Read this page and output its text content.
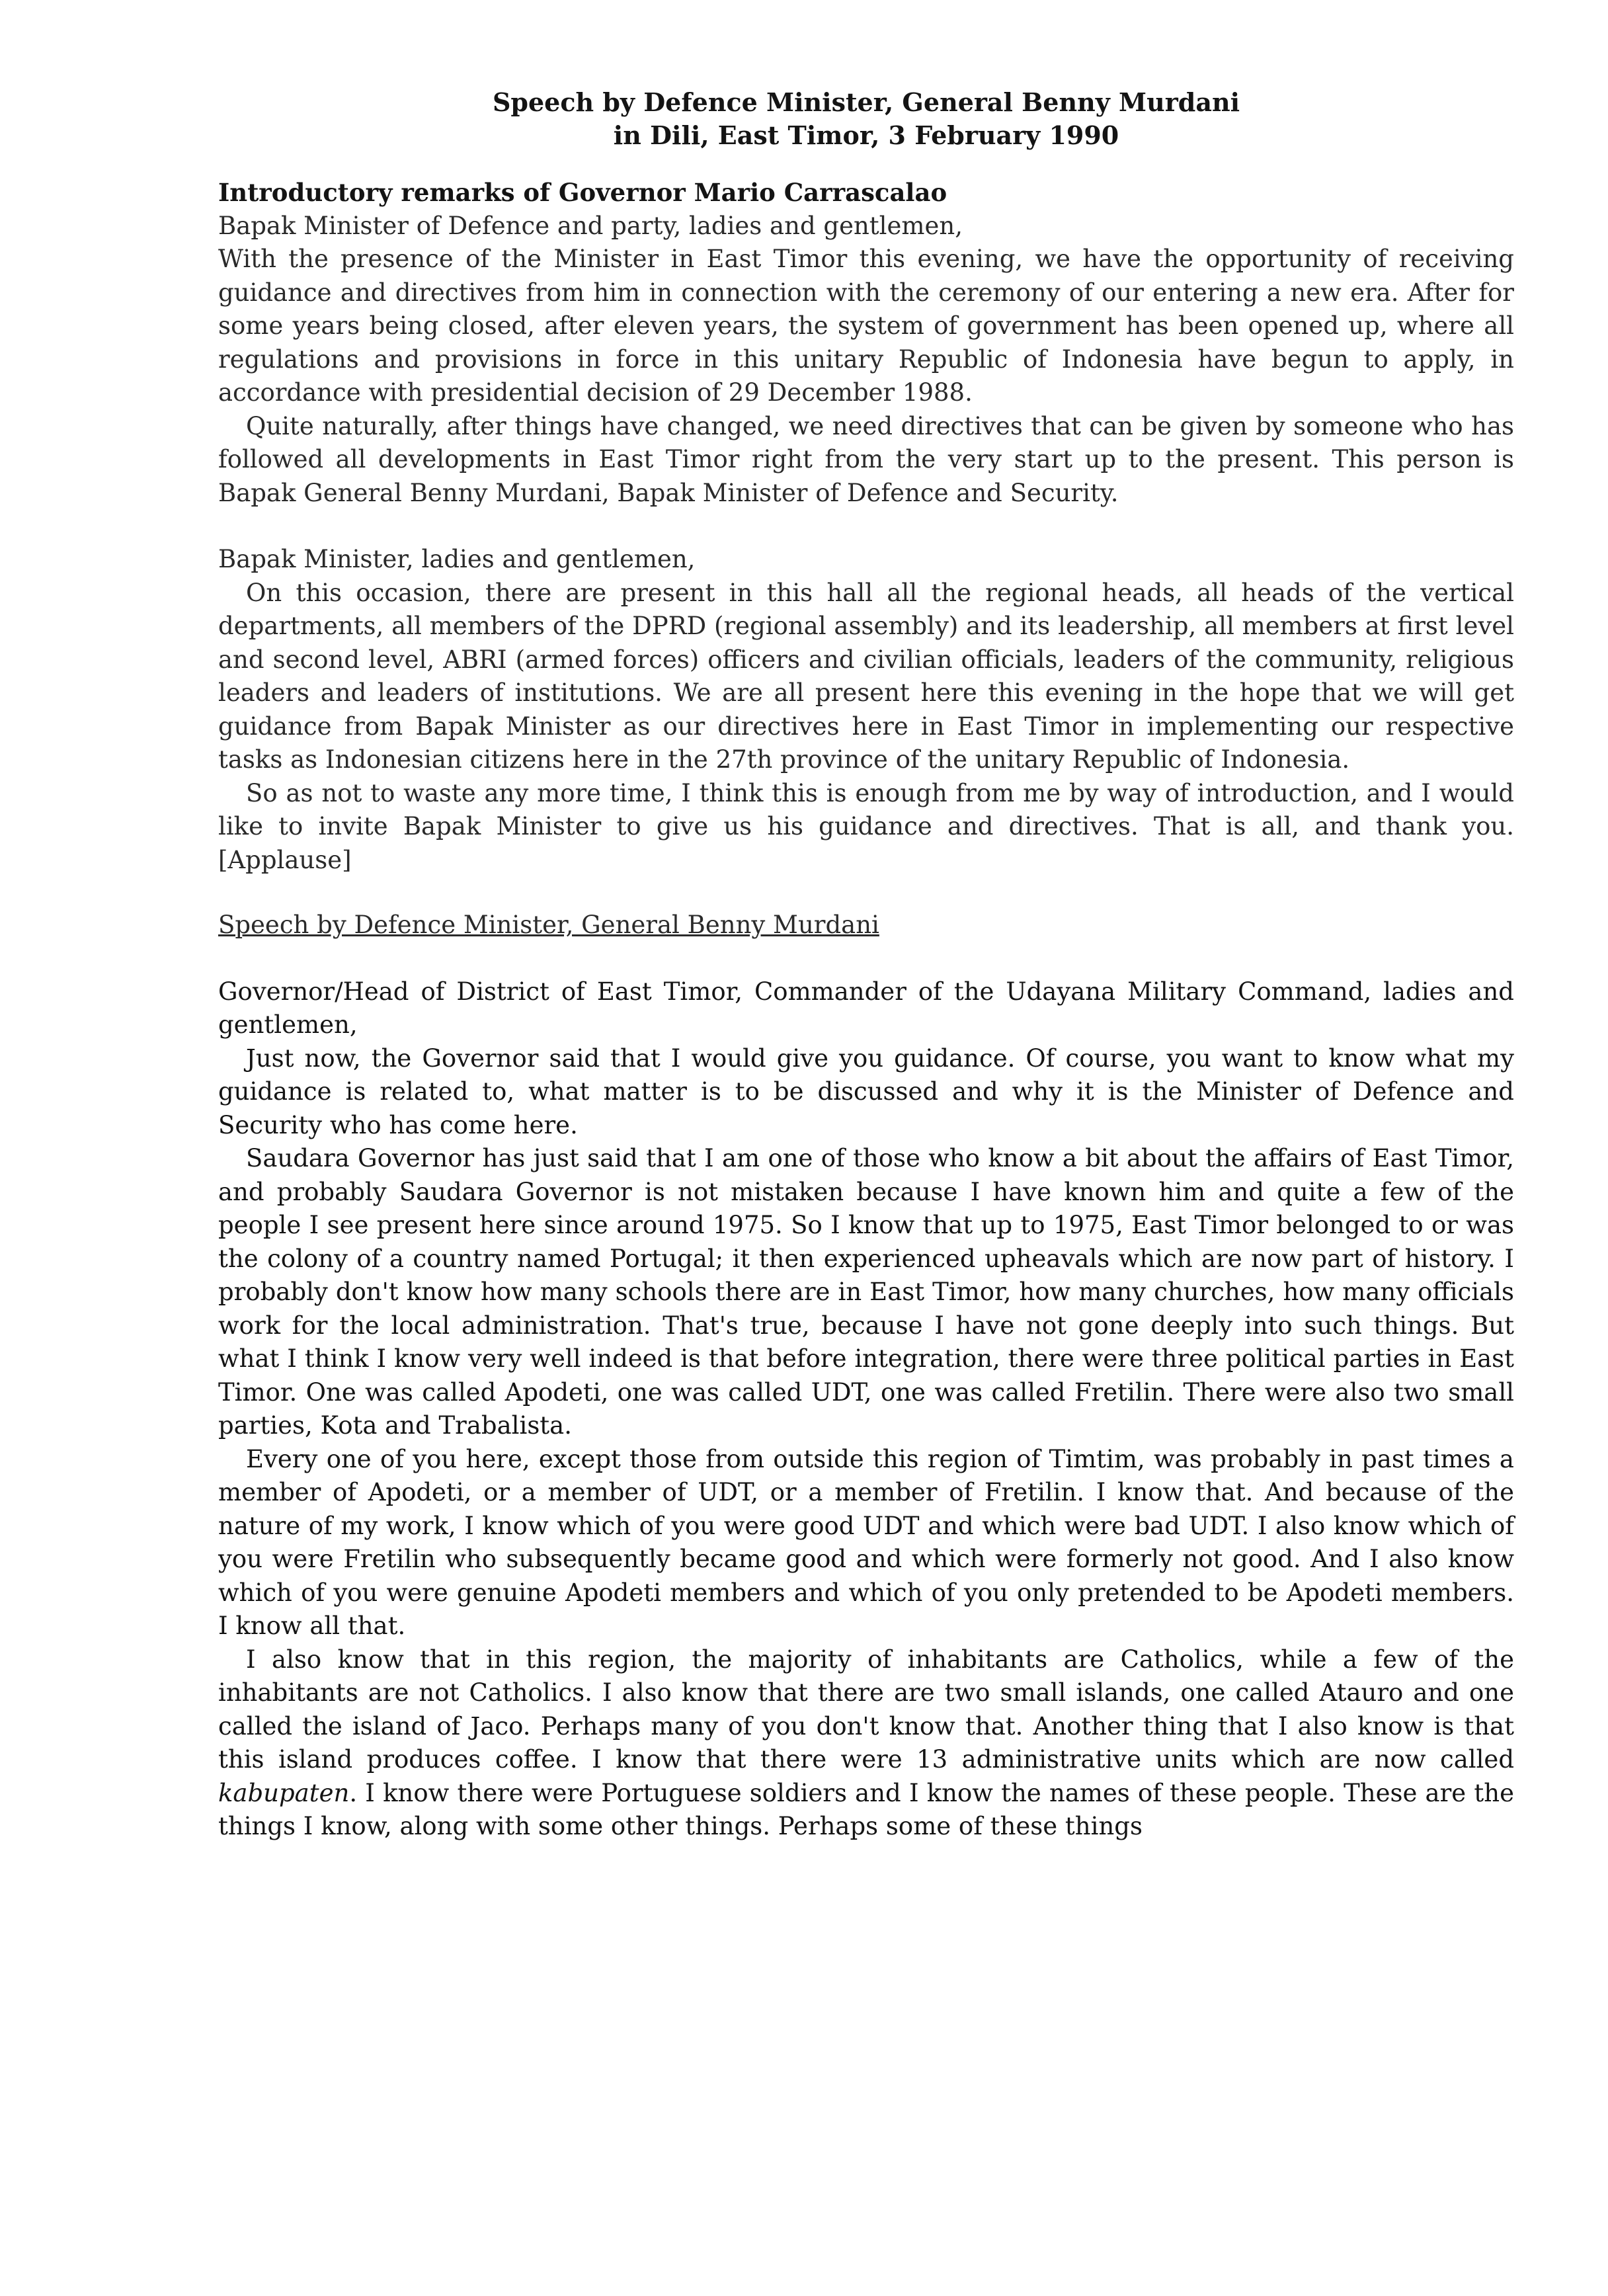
Speech by Defence Minister, General Benny Murdani

in Dili, East Timor, 3 February 1990

Introductory remarks of Governor Mario Carrascalao

Bapak Minister of Defence and party, ladies and gentlemen,

With the presence of the Minister in East Timor this evening, we have the opportunity of receiving guidance and directives from him in connection with the ceremony of our entering a new era. After for some years being closed, after eleven years, the system of government has been opened up, where all regulations and provisions in force in this unitary Republic of Indonesia have begun to apply, in accordance with presidential decision of 29 December 1988.

Quite naturally, after things have changed, we need directives that can be given by someone who has followed all developments in East Timor right from the very start up to the present. This person is Bapak General Benny Murdani, Bapak Minister of Defence and Security.

Bapak Minister, ladies and gentlemen,

On this occasion, there are present in this hall all the regional heads, all heads of the vertical departments, all members of the DPRD (regional assembly) and its leadership, all members at first level and second level, ABRI (armed forces) officers and civilian officials, leaders of the community, religious leaders and leaders of institutions. We are all present here this evening in the hope that we will get guidance from Bapak Minister as our directives here in East Timor in implementing our respective tasks as Indonesian citizens here in the 27th province of the unitary Republic of Indonesia.

So as not to waste any more time, I think this is enough from me by way of introduction, and I would like to invite Bapak Minister to give us his guidance and directives. That is all, and thank you. [Applause]

Speech by Defence Minister, General Benny Murdani

Governor/Head of District of East Timor, Commander of the Udayana Military Command, ladies and gentlemen,

Just now, the Governor said that I would give you guidance. Of course, you want to know what my guidance is related to, what matter is to be discussed and why it is the Minister of Defence and Security who has come here.

Saudara Governor has just said that I am one of those who know a bit about the affairs of East Timor, and probably Saudara Governor is not mistaken because I have known him and quite a few of the people I see present here since around 1975. So I know that up to 1975, East Timor belonged to or was the colony of a country named Portugal; it then experienced upheavals which are now part of history. I probably don't know how many schools there are in East Timor, how many churches, how many officials work for the local administration. That's true, because I have not gone deeply into such things. But what I think I know very well indeed is that before integration, there were three political parties in East Timor. One was called Apodeti, one was called UDT, one was called Fretilin. There were also two small parties, Kota and Trabalista.

Every one of you here, except those from outside this region of Timtim, was probably in past times a member of Apodeti, or a member of UDT, or a member of Fretilin. I know that. And because of the nature of my work, I know which of you were good UDT and which were bad UDT. I also know which of you were Fretilin who subsequently became good and which were formerly not good. And I also know which of you were genuine Apodeti members and which of you only pretended to be Apodeti members. I know all that.

I also know that in this region, the majority of inhabitants are Catholics, while a few of the inhabitants are not Catholics. I also know that there are two small islands, one called Atauro and one called the island of Jaco. Perhaps many of you don't know that. Another thing that I also know is that this island produces coffee. I know that there were 13 administrative units which are now called kabupaten. I know there were Portuguese soldiers and I know the names of these people. These are the things I know, along with some other things. Perhaps some of these things
